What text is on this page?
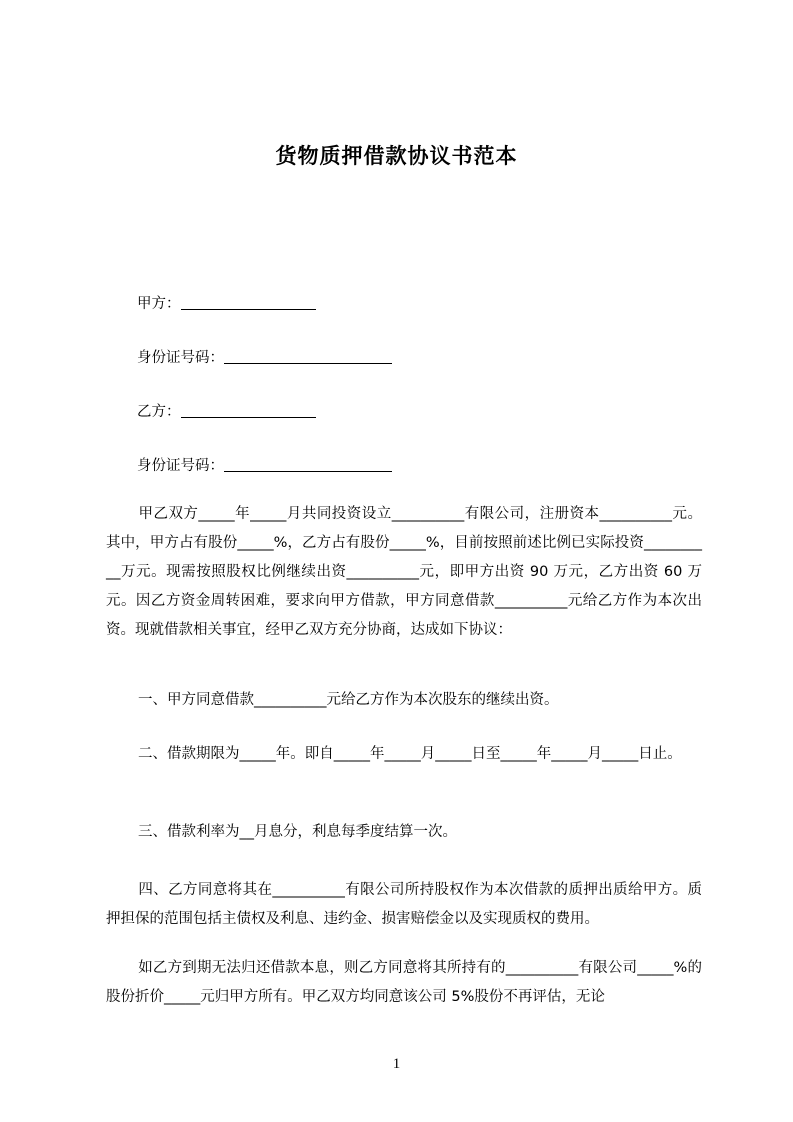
货物质押借款协议书范本
甲方：
身份证号码：
乙方：
身份证号码：
甲乙双方_____年_____月共同投资设立__________有限公司，注册资本__________元。其中，甲方占有股份_____%，乙方占有股份_____%，目前按照前述比例已实际投资__________万元。现需按照股权比例继续出资__________元，即甲方出资 90 万元，乙方出资 60 万元。因乙方资金周转困难，要求向甲方借款，甲方同意借款__________元给乙方作为本次出资。现就借款相关事宜，经甲乙双方充分协商，达成如下协议：
一、甲方同意借款__________元给乙方作为本次股东的继续出资。
二、借款期限为_____年。即自_____年_____月_____日至_____年_____月_____日止。
三、借款利率为__月息分，利息每季度结算一次。
四、乙方同意将其在__________有限公司所持股权作为本次借款的质押出质给甲方。质押担保的范围包括主债权及利息、违约金、损害赔偿金以及实现质权的费用。
如乙方到期无法归还借款本息，则乙方同意将其所持有的__________有限公司_____%的股份折价_____元归甲方所有。甲乙双方均同意该公司 5%股份不再评估，无论
1
